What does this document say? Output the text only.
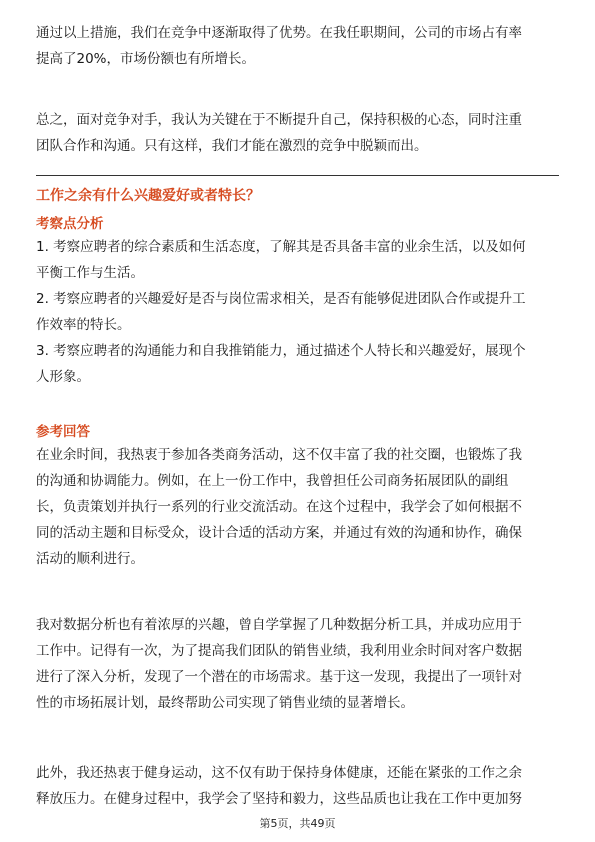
通过以上措施，我们在竞争中逐渐取得了优势。在我任职期间，公司的市场占有率
提高了20%，市场份额也有所增长。

总之，面对竞争对手，我认为关键在于不断提升自己，保持积极的心态，同时注重
团队合作和沟通。只有这样，我们才能在激烈的竞争中脱颖而出。

工作之余有什么兴趣爱好或者特长？
考察点分析

1. 考察应聘者的综合素质和生活态度，了解其是否具备丰富的业余生活，以及如何
平衡工作与生活。

2. 考察应聘者的兴趣爱好是否与岗位需求相关，是否有能够促进团队合作或提升工
作效率的特长。

3. 考察应聘者的沟通能力和自我推销能力，通过描述个人特长和兴趣爱好，展现个
人形象。

参考回答

在业余时间，我热衷于参加各类商务活动，这不仅丰富了我的社交圈，也锻炼了我
的沟通和协调能力。例如，在上一份工作中，我曾担任公司商务拓展团队的副组
长，负责策划并执行一系列的行业交流活动。在这个过程中，我学会了如何根据不
同的活动主题和目标受众，设计合适的活动方案，并通过有效的沟通和协作，确保
活动的顺利进行。

我对数据分析也有着浓厚的兴趣，曾自学掌握了几种数据分析工具，并成功应用于
工作中。记得有一次，为了提高我们团队的销售业绩，我利用业余时间对客户数据
进行了深入分析，发现了一个潜在的市场需求。基于这一发现，我提出了一项针对
性的市场拓展计划，最终帮助公司实现了销售业绩的显著增长。

此外，我还热衷于健身运动，这不仅有助于保持身体健康，还能在紧张的工作之余
释放压力。在健身过程中，我学会了坚持和毅力，这些品质也让我在工作中更加努

第5页，共49页
